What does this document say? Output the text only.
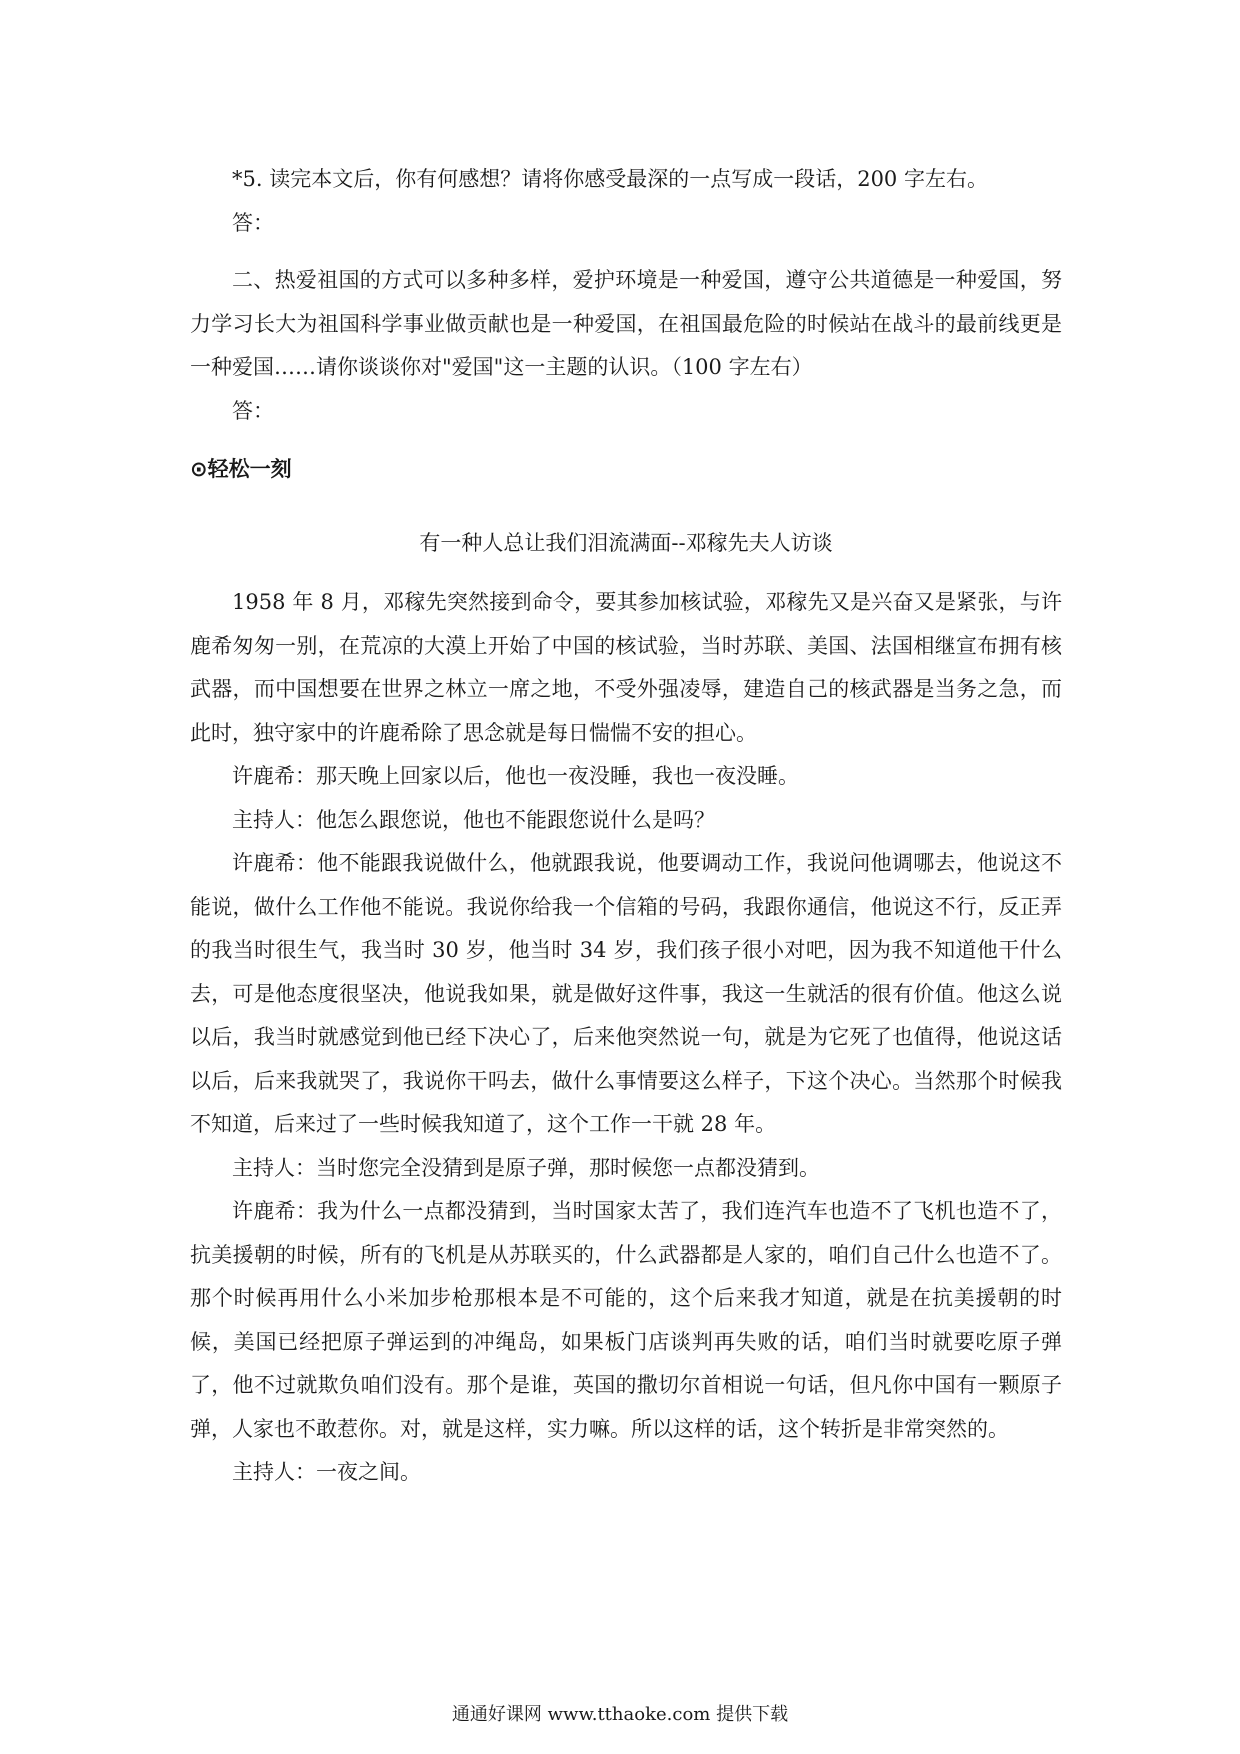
*5. 读完本文后，你有何感想？请将你感受最深的一点写成一段话，200 字左右。

答：

二、热爱祖国的方式可以多种多样，爱护环境是一种爱国，遵守公共道德是一种爱国，努力学习长大为祖国科学事业做贡献也是一种爱国，在祖国最危险的时候站在战斗的最前线更是一种爱国……请你谈谈你对"爱国"这一主题的认识。（100 字左右）

答：

⊙轻松一刻
有一种人总让我们泪流满面--邓稼先夫人访谈

1958 年 8 月，邓稼先突然接到命令，要其参加核试验，邓稼先又是兴奋又是紧张，与许鹿希匆匆一别，在荒凉的大漠上开始了中国的核试验，当时苏联、美国、法国相继宣布拥有核武器，而中国想要在世界之林立一席之地，不受外强凌辱，建造自己的核武器是当务之急，而此时，独守家中的许鹿希除了思念就是每日惴惴不安的担心。

许鹿希：那天晚上回家以后，他也一夜没睡，我也一夜没睡。

主持人：他怎么跟您说，他也不能跟您说什么是吗？

许鹿希：他不能跟我说做什么，他就跟我说，他要调动工作，我说问他调哪去，他说这不能说，做什么工作他不能说。我说你给我一个信箱的号码，我跟你通信，他说这不行，反正弄的我当时很生气，我当时 30 岁，他当时 34 岁，我们孩子很小对吧，因为我不知道他干什么去，可是他态度很坚决，他说我如果，就是做好这件事，我这一生就活的很有价值。他这么说以后，我当时就感觉到他已经下决心了，后来他突然说一句，就是为它死了也值得，他说这话以后，后来我就哭了，我说你干吗去，做什么事情要这么样子，下这个决心。当然那个时候我不知道，后来过了一些时候我知道了，这个工作一干就 28 年。

主持人：当时您完全没猜到是原子弹，那时候您一点都没猜到。

许鹿希：我为什么一点都没猜到，当时国家太苦了，我们连汽车也造不了飞机也造不了，抗美援朝的时候，所有的飞机是从苏联买的，什么武器都是人家的，咱们自己什么也造不了。那个时候再用什么小米加步枪那根本是不可能的，这个后来我才知道，就是在抗美援朝的时候，美国已经把原子弹运到的冲绳岛，如果板门店谈判再失败的话，咱们当时就要吃原子弹了，他不过就欺负咱们没有。那个是谁，英国的撒切尔首相说一句话，但凡你中国有一颗原子弹，人家也不敢惹你。对，就是这样，实力嘛。所以这样的话，这个转折是非常突然的。

主持人：一夜之间。

通通好课网 www.tthaoke.com 提供下载
